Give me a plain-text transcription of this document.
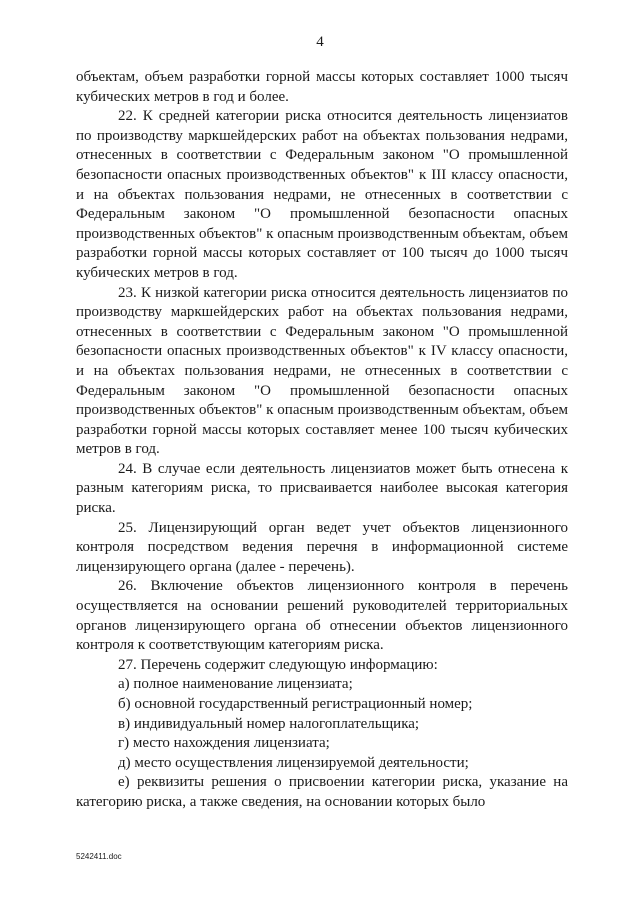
4

объектам, объем разработки горной массы которых составляет 1000 тысяч кубических метров в год и более.

22. К средней категории риска относится деятельность лицензиатов по производству маркшейдерских работ на объектах пользования недрами, отнесенных в соответствии с Федеральным законом "О промышленной безопасности опасных производственных объектов" к III классу опасности, и на объектах пользования недрами, не отнесенных в соответствии с Федеральным законом "О промышленной безопасности опасных производственных объектов" к опасным производственным объектам, объем разработки горной массы которых составляет от 100 тысяч до 1000 тысяч кубических метров в год.

23. К низкой категории риска относится деятельность лицензиатов по производству маркшейдерских работ на объектах пользования недрами, отнесенных в соответствии с Федеральным законом "О промышленной безопасности опасных производственных объектов" к IV классу опасности, и на объектах пользования недрами, не отнесенных в соответствии с Федеральным законом "О промышленной безопасности опасных производственных объектов" к опасным производственным объектам, объем разработки горной массы которых составляет менее 100 тысяч кубических метров в год.

24. В случае если деятельность лицензиатов может быть отнесена к разным категориям риска, то присваивается наиболее высокая категория риска.

25. Лицензирующий орган ведет учет объектов лицензионного контроля посредством ведения перечня в информационной системе лицензирующего органа (далее - перечень).

26. Включение объектов лицензионного контроля в перечень осуществляется на основании решений руководителей территориальных органов лицензирующего органа об отнесении объектов лицензионного контроля к соответствующим категориям риска.

27. Перечень содержит следующую информацию:

а) полное наименование лицензиата;

б) основной государственный регистрационный номер;

в) индивидуальный номер налогоплательщика;

г) место нахождения лицензиата;

д) место осуществления лицензируемой деятельности;

е) реквизиты решения о присвоении категории риска, указание на категорию риска, а также сведения, на основании которых было

5242411.doc
